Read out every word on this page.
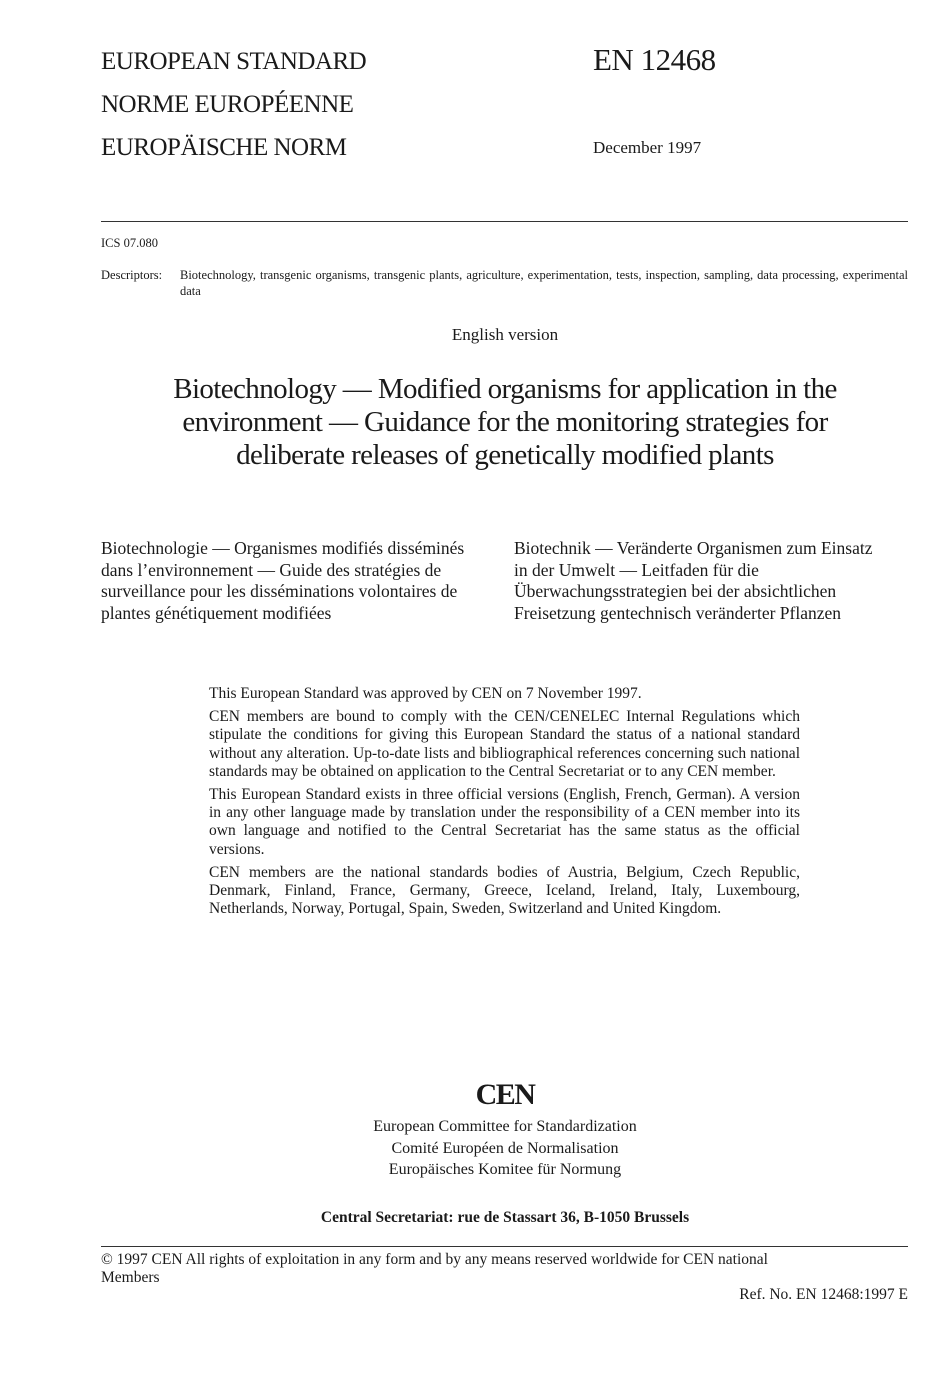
EUROPEAN STANDARD
NORME EUROPÉENNE
EUROPÄISCHE NORM
EN 12468
December 1997
ICS 07.080
Descriptors:	Biotechnology, transgenic organisms, transgenic plants, agriculture, experimentation, tests, inspection, sampling, data processing, experimental data
English version
Biotechnology — Modified organisms for application in the
environment — Guidance for the monitoring strategies for
deliberate releases of genetically modified plants
Biotechnologie — Organismes modifiés disséminés
dans l’environnement — Guide des stratégies de
surveillance pour les disséminations volontaires de
plantes génétiquement modifiées
Biotechnik — Veränderte Organismen zum Einsatz
in der Umwelt — Leitfaden für die
Überwachungsstrategien bei der absichtlichen
Freisetzung gentechnisch veränderter Pflanzen

This European Standard was approved by CEN on 7 November 1997.

CEN members are bound to comply with the CEN/CENELEC Internal Regulations which stipulate the conditions for giving this European Standard the status of a national standard without any alteration. Up-to-date lists and bibliographical references concerning such national standards may be obtained on application to the Central Secretariat or to any CEN member.

This European Standard exists in three official versions (English, French, German). A version in any other language made by translation under the responsibility of a CEN member into its own language and notified to the Central Secretariat has the same status as the official versions.

CEN members are the national standards bodies of Austria, Belgium, Czech Republic, Denmark, Finland, France, Germany, Greece, Iceland, Ireland, Italy, Luxembourg, Netherlands, Norway, Portugal, Spain, Sweden, Switzerland and United Kingdom.

CEN
European Committee for Standardization
Comité Européen de Normalisation
Europäisches Komitee für Normung
Central Secretariat: rue de Stassart 36, B-1050 Brussels
© 1997 CEN All rights of exploitation in any form and by any means reserved worldwide for CEN national
Members
Ref. No. EN 12468:1997 E
